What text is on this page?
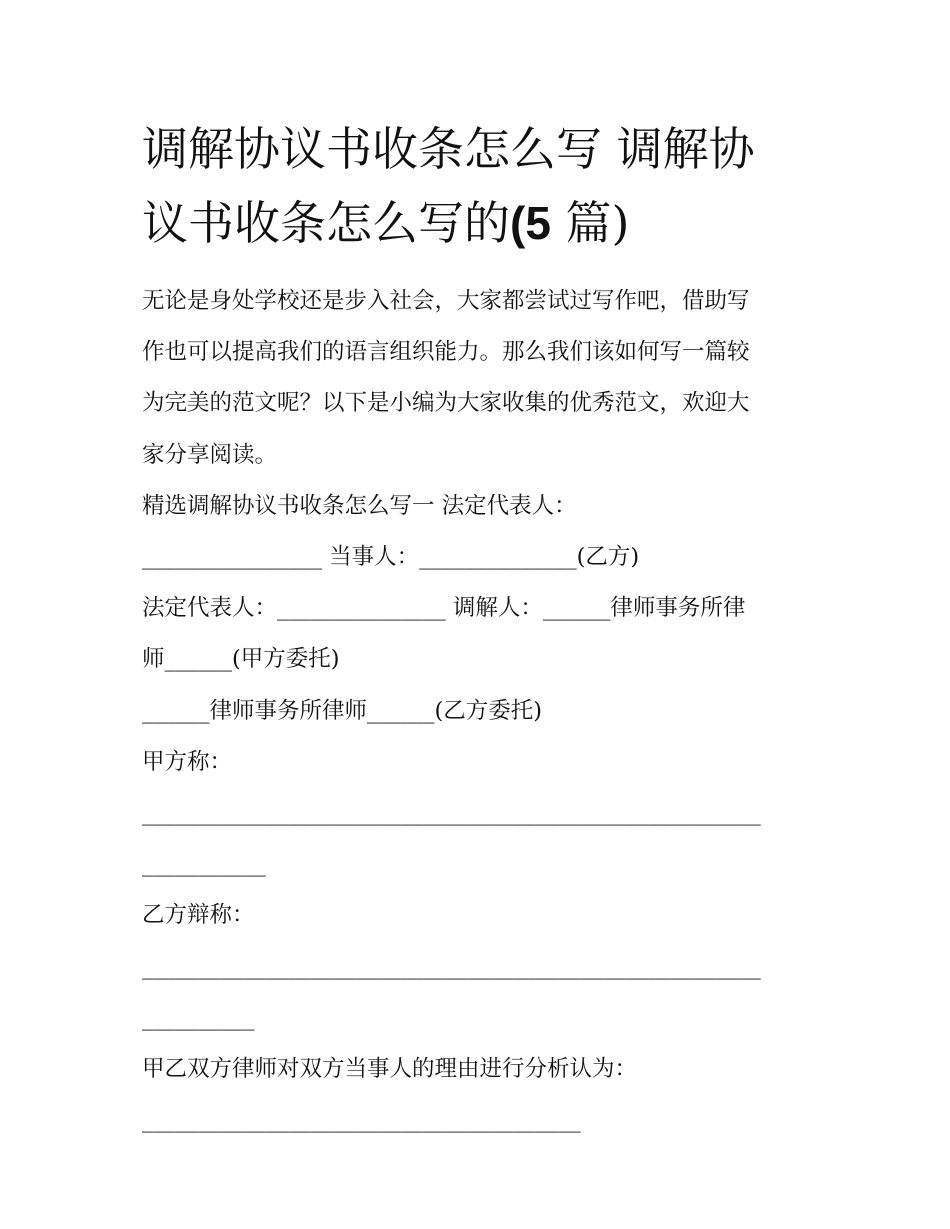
调解协议书收条怎么写 调解协
议书收条怎么写的(5 篇)

无论是身处学校还是步入社会，大家都尝试过写作吧，借助写

作也可以提高我们的语言组织能力。那么我们该如何写一篇较

为完美的范文呢？以下是小编为大家收集的优秀范文，欢迎大

家分享阅读。

精选调解协议书收条怎么写一 法定代表人：

________________ 当事人：______________(乙方)

法定代表人：_______________ 调解人：______律师事务所律

师______(甲方委托)

______律师事务所律师______(乙方委托)

甲方称：

_______________________________________________________

___________

乙方辩称：

_______________________________________________________

__________

甲乙双方律师对双方当事人的理由进行分析认为：

_______________________________________
